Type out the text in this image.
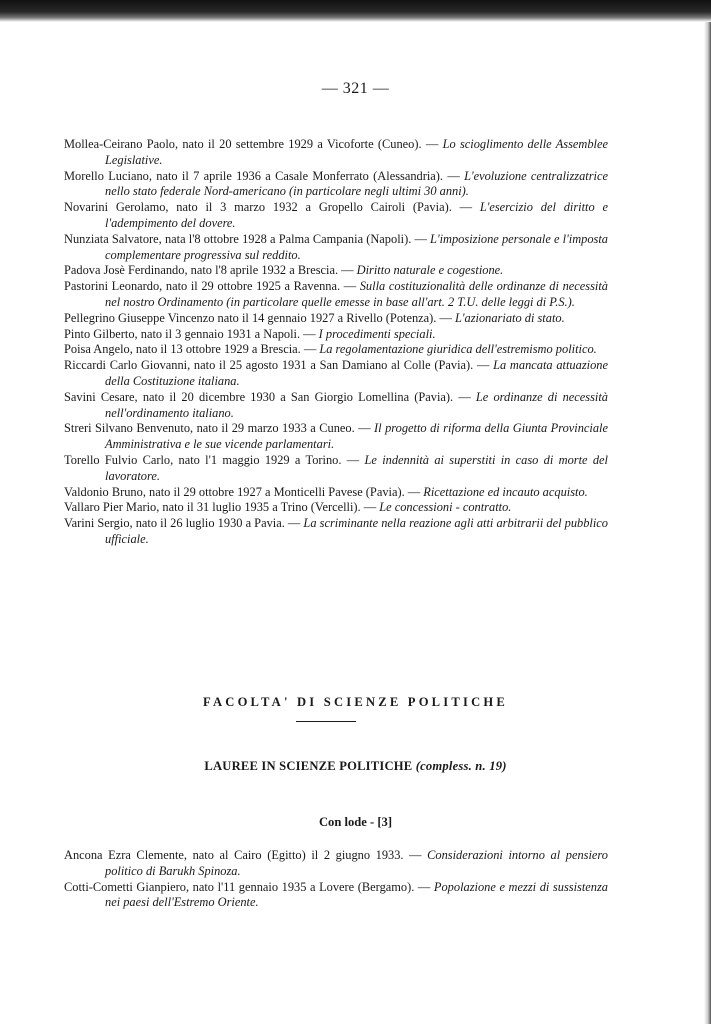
— 321 —

Mollea-Ceirano Paolo, nato il 20 settembre 1929 a Vicoforte (Cuneo). — Lo scioglimento delle Assemblee Legislative.

Morello Luciano, nato il 7 aprile 1936 a Casale Monferrato (Alessandria). — L'evoluzione centralizzatrice nello stato federale Nord-americano (in particolare negli ultimi 30 anni).

Novarini Gerolamo, nato il 3 marzo 1932 a Gropello Cairoli (Pavia). — L'esercizio del diritto e l'adempimento del dovere.

Nunziata Salvatore, nata l'8 ottobre 1928 a Palma Campania (Napoli). — L'imposizione personale e l'imposta complementare progressiva sul reddito.

Padova Josè Ferdinando, nato l'8 aprile 1932 a Brescia. — Diritto naturale e cogestione.

Pastorini Leonardo, nato il 29 ottobre 1925 a Ravenna. — Sulla costituzionalità delle ordinanze di necessità nel nostro Ordinamento (in particolare quelle emesse in base all'art. 2 T.U. delle leggi di P.S.).

Pellegrino Giuseppe Vincenzo nato il 14 gennaio 1927 a Rivello (Potenza). — L'azionariato di stato.

Pinto Gilberto, nato il 3 gennaio 1931 a Napoli. — I procedimenti speciali.

Poisa Angelo, nato il 13 ottobre 1929 a Brescia. — La regolamentazione giuridica dell'estremismo politico.

Riccardi Carlo Giovanni, nato il 25 agosto 1931 a San Damiano al Colle (Pavia). — La mancata attuazione della Costituzione italiana.

Savini Cesare, nato il 20 dicembre 1930 a San Giorgio Lomellina (Pavia). — Le ordinanze di necessità nell'ordinamento italiano.

Streri Silvano Benvenuto, nato il 29 marzo 1933 a Cuneo. — Il progetto di riforma della Giunta Provinciale Amministrativa e le sue vicende parlamentari.

Torello Fulvio Carlo, nato l'1 maggio 1929 a Torino. — Le indennità ai superstiti in caso di morte del lavoratore.

Valdonio Bruno, nato il 29 ottobre 1927 a Monticelli Pavese (Pavia). — Ricettazione ed incauto acquisto.

Vallaro Pier Mario, nato il 31 luglio 1935 a Trino (Vercelli). — Le concessioni - contratto.

Varini Sergio, nato il 26 luglio 1930 a Pavia. — La scriminante nella reazione agli atti arbitrarii del pubblico ufficiale.

FACOLTA' DI SCIENZE POLITICHE
LAUREE IN SCIENZE POLITICHE (compless. n. 19)
Con lode - [3]

Ancona Ezra Clemente, nato al Cairo (Egitto) il 2 giugno 1933. — Considerazioni intorno al pensiero politico di Barukh Spinoza.

Cotti-Cometti Gianpiero, nato l'11 gennaio 1935 a Lovere (Bergamo). — Popolazione e mezzi di sussistenza nei paesi dell'Estremo Oriente.
